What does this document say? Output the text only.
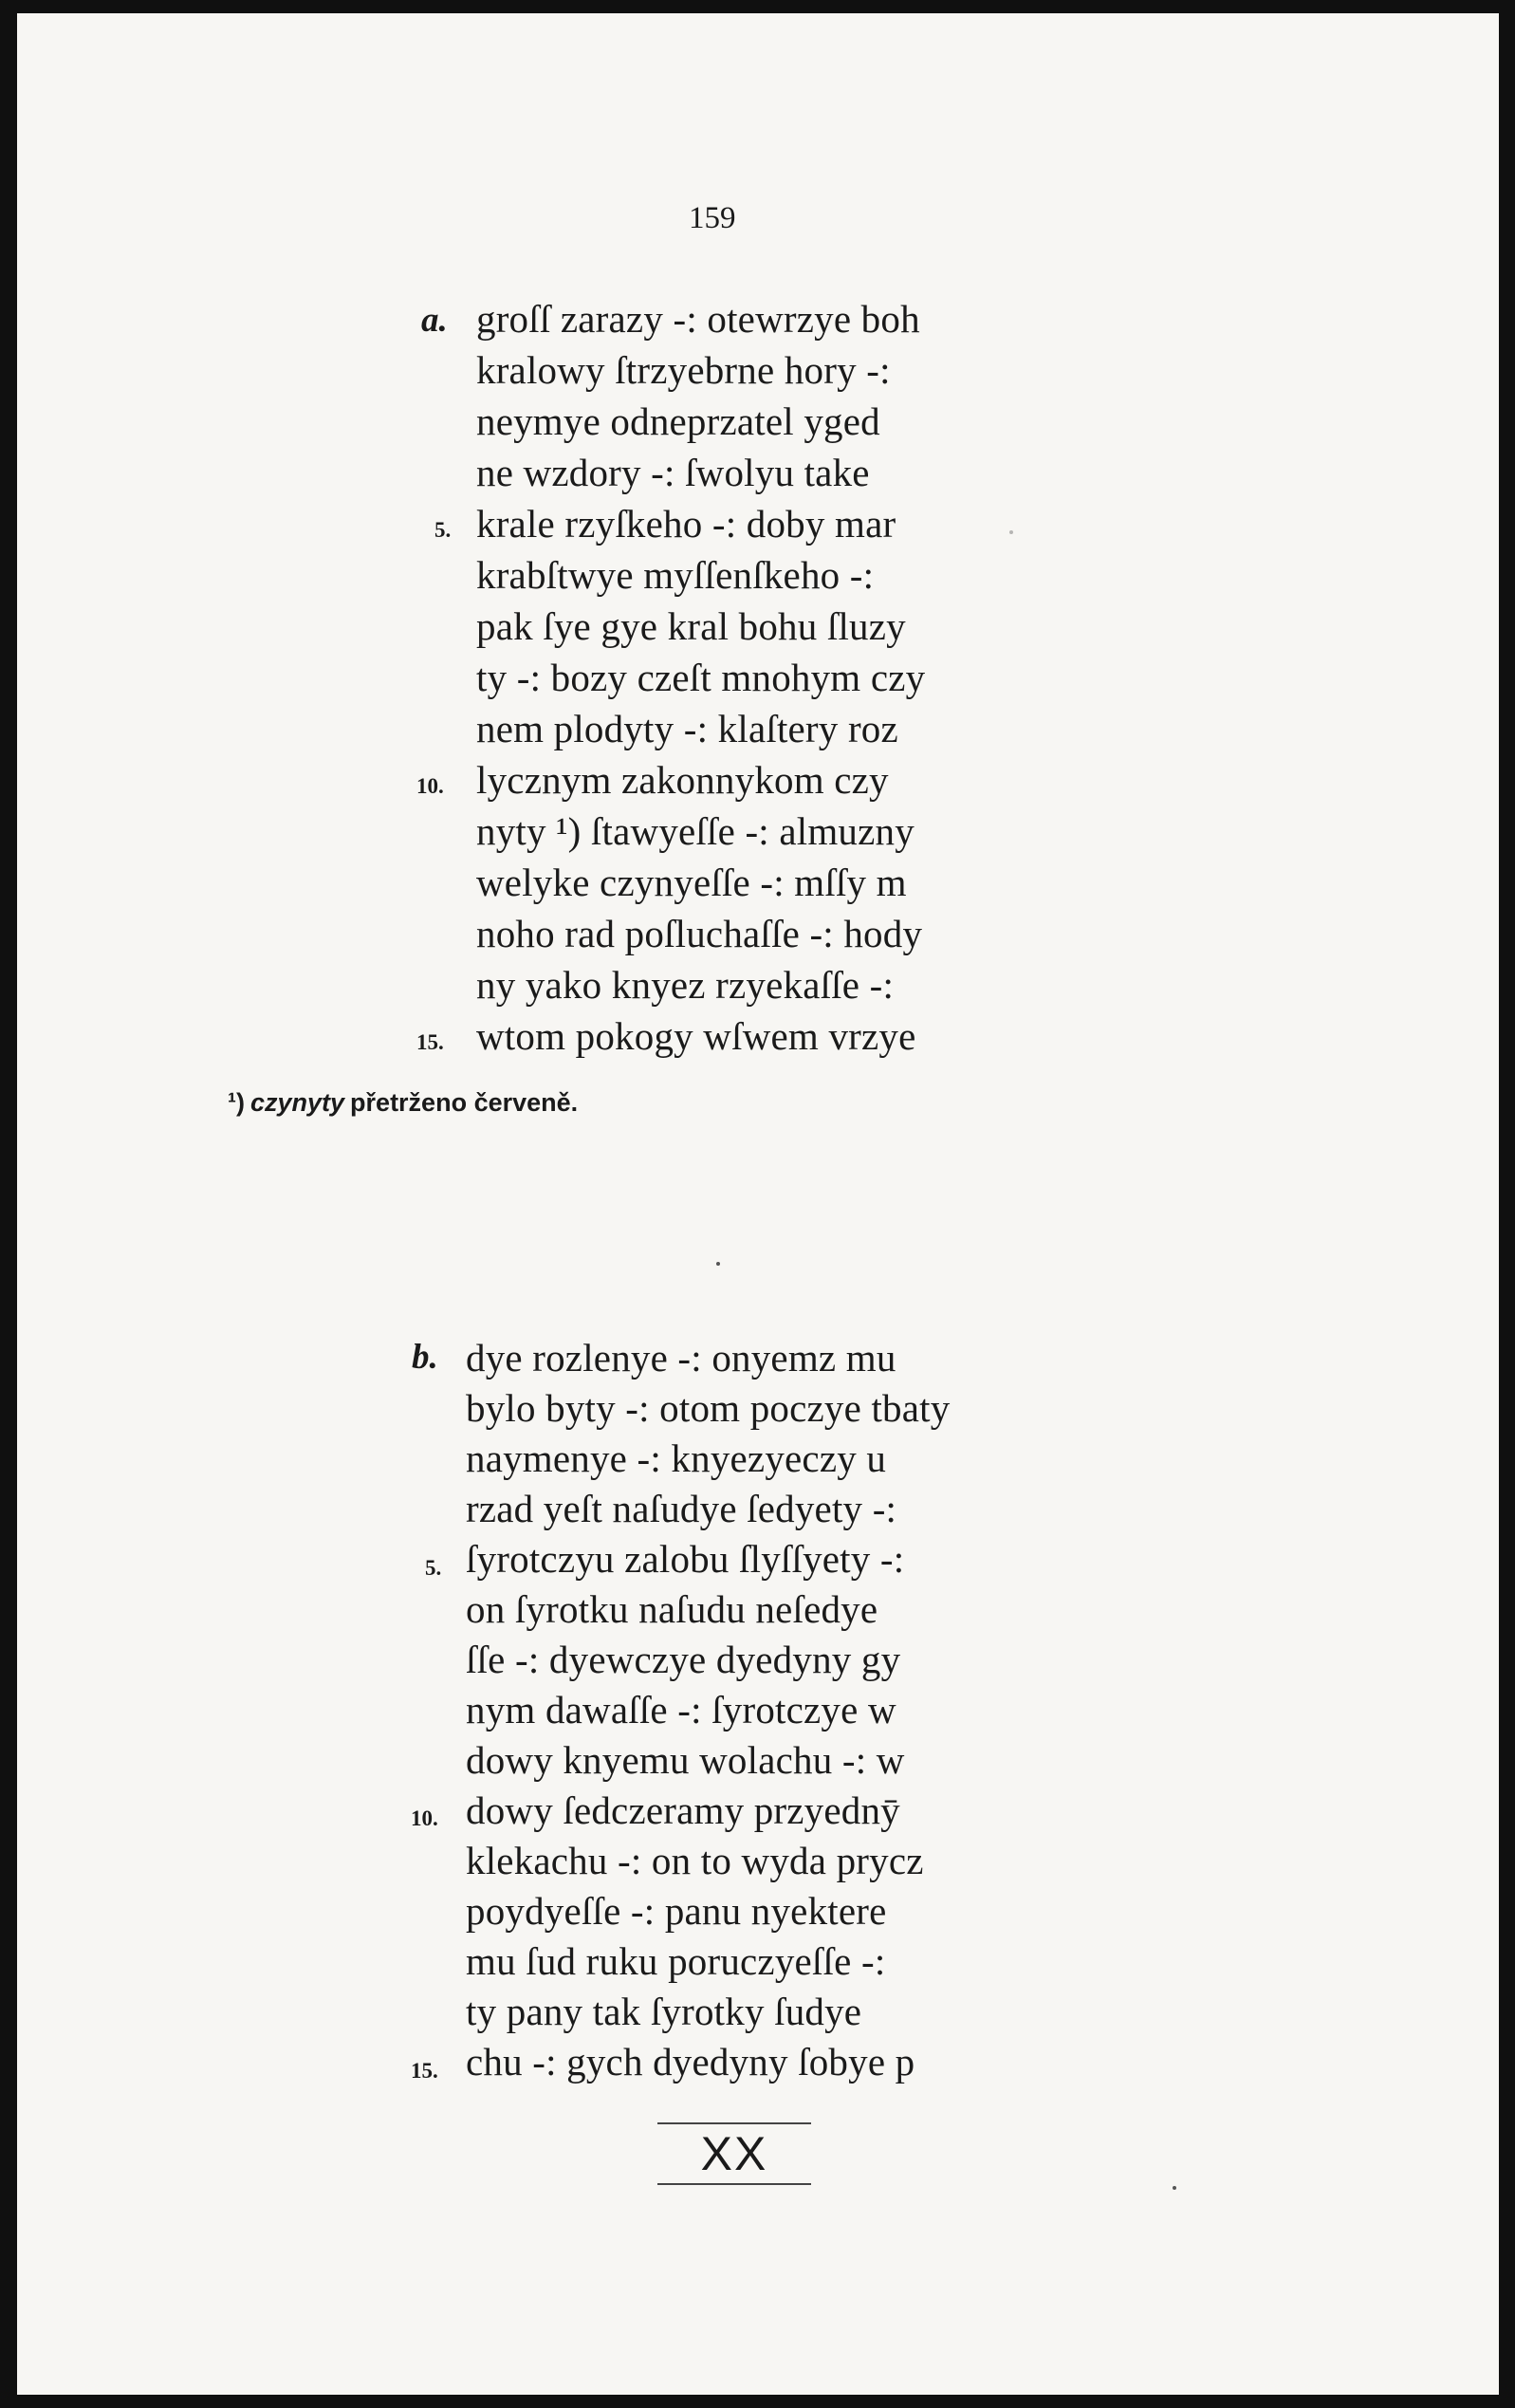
159
a.
5.
10.
15.
groſſ zarazy -: otewrzye boh
kralowy ſtrzyebrne hory -:
neymye odneprzatel yged
ne wzdory -: ſwolyu take
krale rzyſkeho -: doby mar
krabſtwye myſſenſkeho -:
pak ſye gye kral bohu ſluzy
ty -: bozy czeſt mnohym czy
nem plodyty -: klaſtery roz
lycznym zakonnykom czy
nyty ¹) ſtawyeſſe -: almuzny
welyke czynyeſſe -: mſſy m
noho rad poſluchaſſe -: hody
ny yako knyez rzyekaſſe -:
wtom pokogy wſwem vrzye
¹) czynyty přetrženo červeně.
b.
5.
10.
15.
dye rozlenye -: onyemz mu
bylo byty -: otom poczye tbaty
naymenye -: knyezyeczy u
rzad yeſt naſudye ſedyety -:
ſyrotczyu zalobu ſlyſſyety -:
on ſyrotku naſudu neſedye
ſſe -: dyewczye dyedyny gy
nym dawaſſe -: ſyrotczye w
dowy knyemu wolachu -: w
dowy ſedczeramy przyednȳ
klekachu -: on to wyda prycz
poydyeſſe -: panu nyektere
mu ſud ruku poruczyeſſe -:
ty pany tak ſyrotky ſudye
chu -: gych dyedyny ſobye p
XX
